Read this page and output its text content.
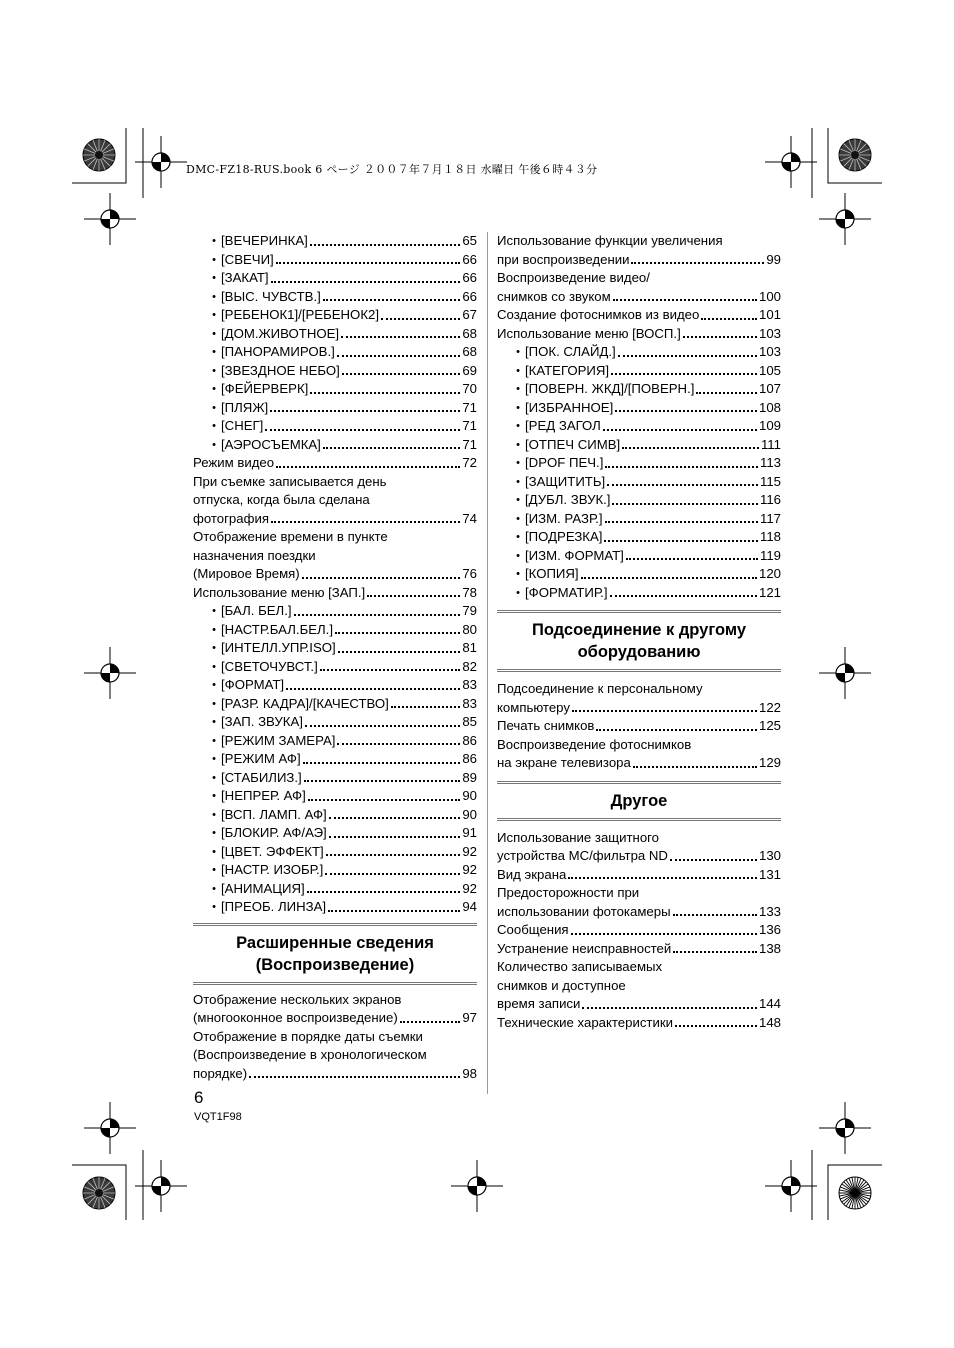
DMC-FZ18-RUS.book 6 ページ ２００７年７月１８日 水曜日 午後６時４３分
• [ВЕЧЕРИНКА]	65
• [СВЕЧИ]	66
• [ЗАКАТ]	66
• [ВЫС. ЧУВСТВ.]	66
• [РЕБЕНОК1]/[РЕБЕНОК2]	67
• [ДОМ.ЖИВОТНОЕ]	68
• [ПАНОРАМИРОВ.]	68
• [ЗВЕЗДНОЕ НЕБО]	69
• [ФЕЙЕРВЕРК]	70
• [ПЛЯЖ]	71
• [СНЕГ]	71
• [АЭРОСЪЕМКА]	71
Режим видео	72
При съемке записывается день
отпуска, когда была сделана
фотография	74
Отображение времени в пункте
назначения поездки
(Мировое Время)	76
Использование меню [ЗАП.]	78
• [БАЛ. БЕЛ.]	79
• [НАСТР.БАЛ.БЕЛ.]	80
• [ИНТЕЛЛ.УПР.ISO]	81
• [СВЕТОЧУВСТ.]	82
• [ФОРМАТ]	83
• [РАЗР. КАДРА]/[КАЧЕСТВО]	83
• [ЗАП. ЗВУКА]	85
• [РЕЖИМ ЗАМЕРА]	86
• [РЕЖИМ АФ]	86
• [СТАБИЛИЗ.]	89
• [НЕПРЕР. АФ]	90
• [ВСП. ЛАМП. АФ]	90
• [БЛОКИР. АФ/АЭ]	91
• [ЦВЕТ. ЭФФЕКТ]	92
• [НАСТР. ИЗОБР.]	92
• [АНИМАЦИЯ]	92
• [ПРЕОБ. ЛИНЗА]	94
Расширенные сведения
(Воспроизведение)
Отображение нескольких экранов
(многооконное воспроизведение)	97
Отображение в порядке даты съемки
(Воспроизведение в хронологическом
порядке)	98
Использование функции увеличения
при воспроизведении	99
Воспроизведение видео/
снимков со звуком	100
Создание фотоснимков из видео	101
Использование меню [ВОСП.]	103
• [ПОК. СЛАЙД.]	103
• [КАТЕГОРИЯ]	105
• [ПОВЕРН. ЖКД]/[ПОВЕРН.]	107
• [ИЗБРАННОЕ]	108
• [РЕД ЗАГОЛ	109
• [ОТПЕЧ СИМВ]	111
• [DPOF ПЕЧ.]	113
• [ЗАЩИТИТЬ]	115
• [ДУБЛ. ЗВУК.]	116
• [ИЗМ. РАЗР.]	117
• [ПОДРЕЗКА]	118
• [ИЗМ. ФОРМАТ]	119
• [КОПИЯ]	120
• [ФОРМАТИР.]	121
Подсоединение к другому
оборудованию
Подсоединение к персональному
компьютеру	122
Печать снимков	125
Воспроизведение фотоснимков
на экране телевизора	129
Другое
Использование защитного
устройства MC/фильтра ND	130
Вид экрана	131
Предосторожности при
использовании фотокамеры	133
Сообщения	136
Устранение неисправностей	138
Количество записываемых
снимков и доступное
время записи	144
Технические характеристики	148
6
VQT1F98
